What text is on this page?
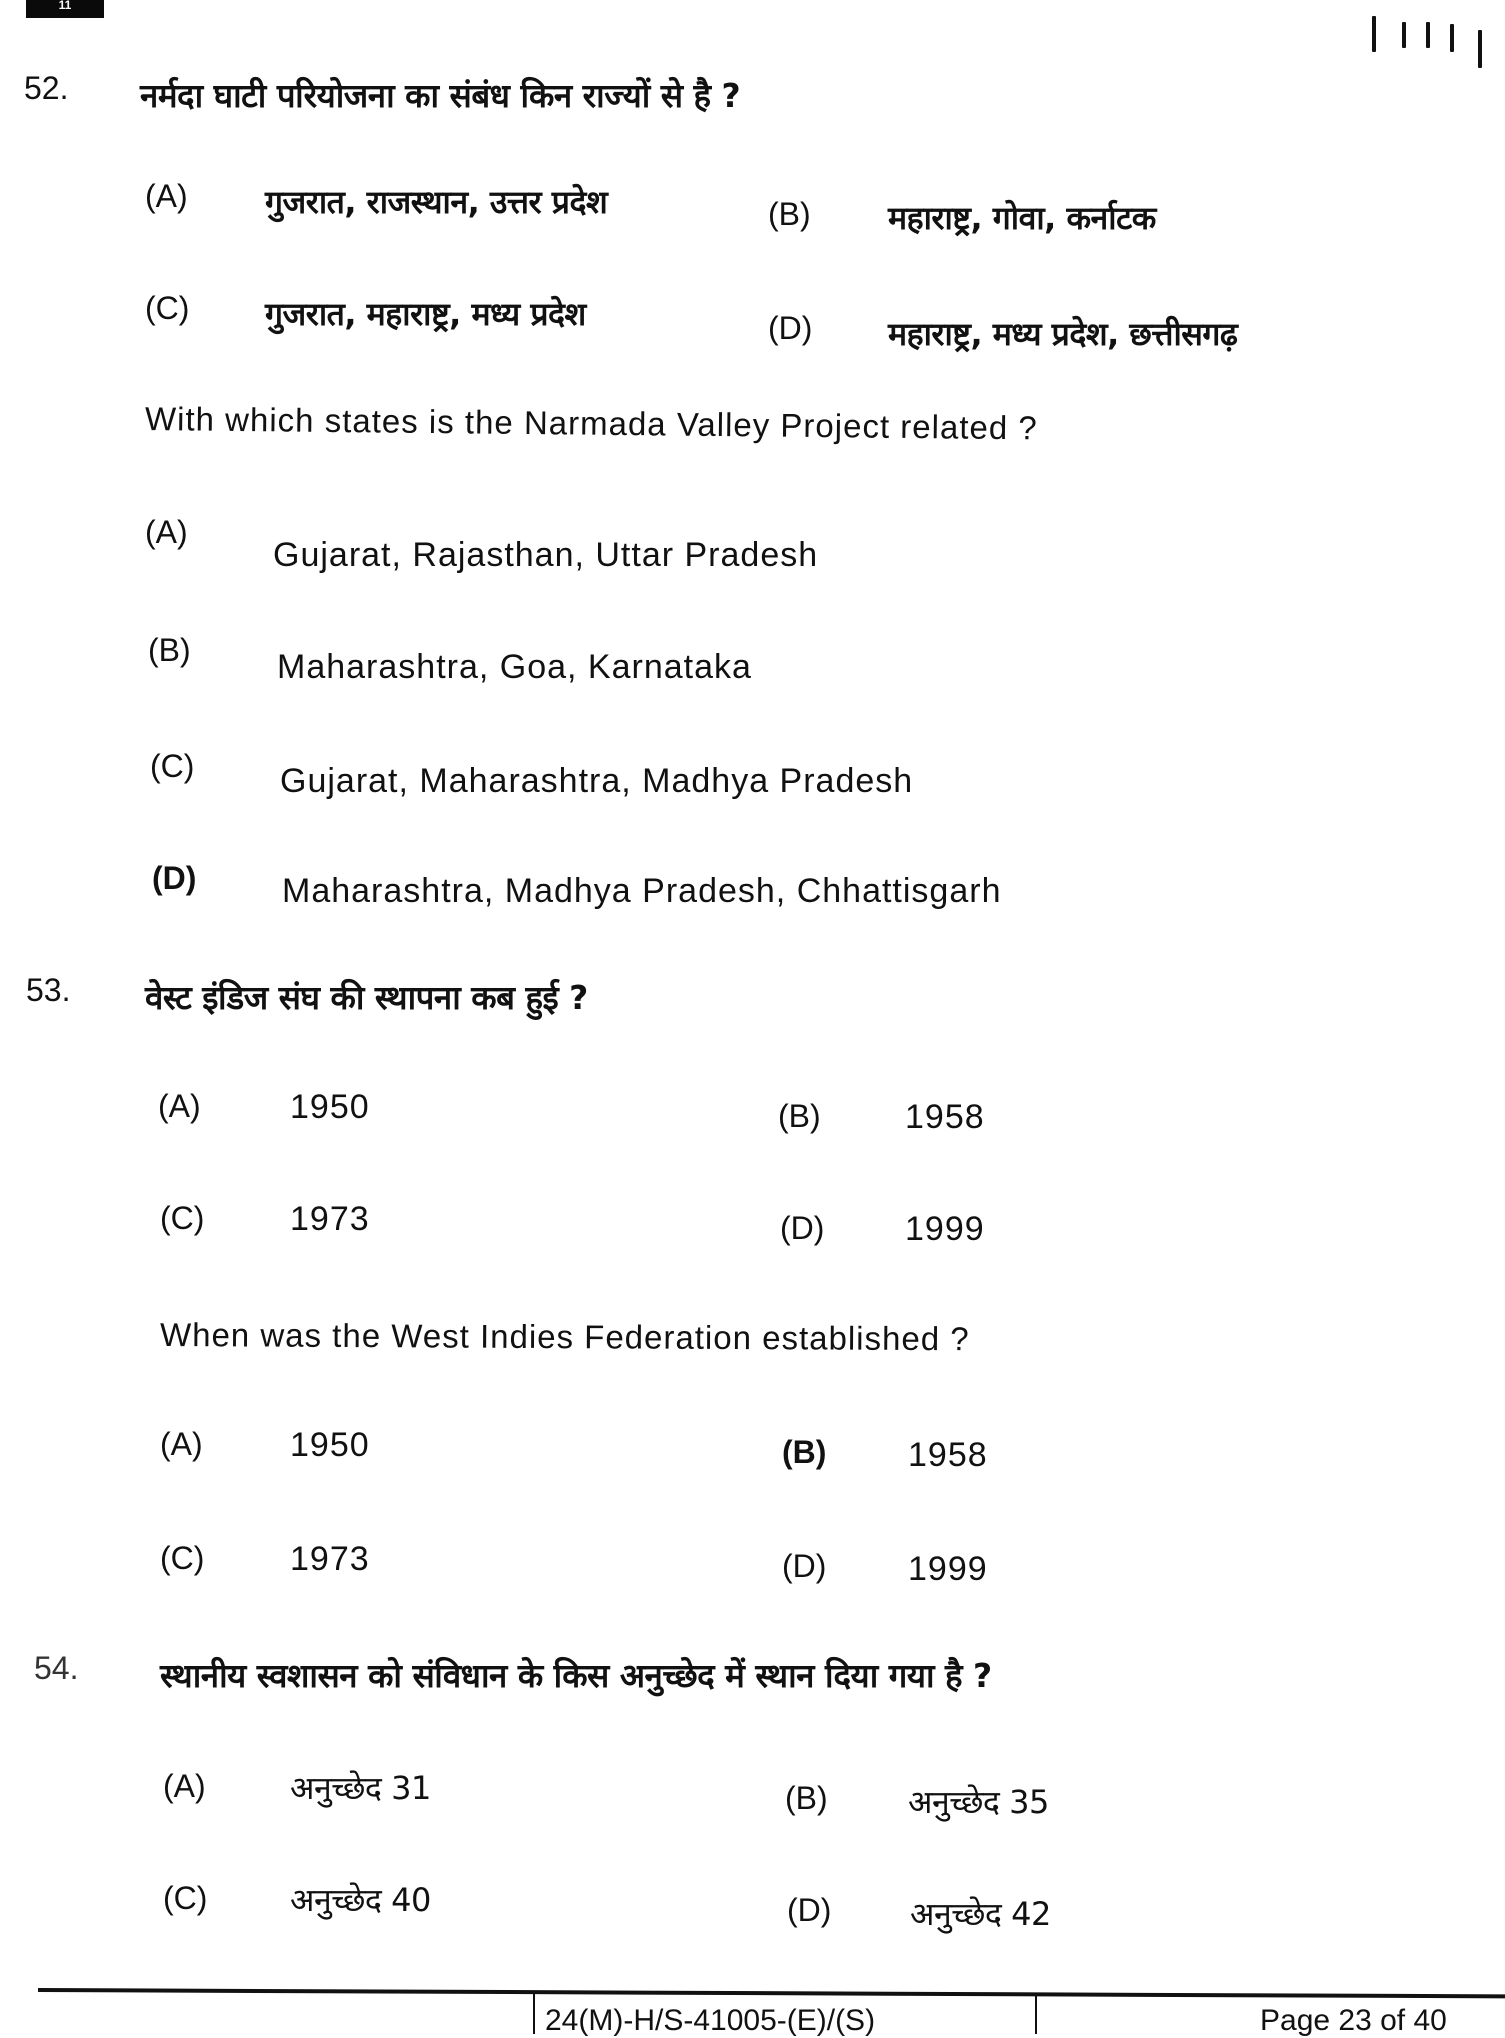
11
52. नर्मदा घाटी परियोजना का संबंध किन राज्यों से है ?
(A) गुजरात, राजस्थान, उत्तर प्रदेश	(B) महाराष्ट्र, गोवा, कर्नाटक
(C) गुजरात, महाराष्ट्र, मध्य प्रदेश	(D) महाराष्ट्र, मध्य प्रदेश, छत्तीसगढ़
With which states is the Narmada Valley Project related ?
(A)
Gujarat, Rajasthan, Uttar Pradesh
(B)	Maharashtra, Goa, Karnataka
(C)	Gujarat, Maharashtra, Madhya Pradesh
(D)	Maharashtra, Madhya Pradesh, Chhattisgarh
53. वेस्ट इंडिज संघ की स्थापना कब हुई ?
(A)	1950	(B) 1958
(C)	1973	(D) 1999
When was the West Indies Federation established ?
(A)	1950	(B) 1958
(C)	1973	(D) 1999
54. स्थानीय स्वशासन को संविधान के किस अनुच्छेद में स्थान दिया गया है ?
(A)	अनुच्छेद 31	(B)	अनुच्छेद 35
(C)	अनुच्छेद 40	(D) अनुच्छेद 42
24(M)-H/S-41005-(E)/(S)	Page 23 of 40
